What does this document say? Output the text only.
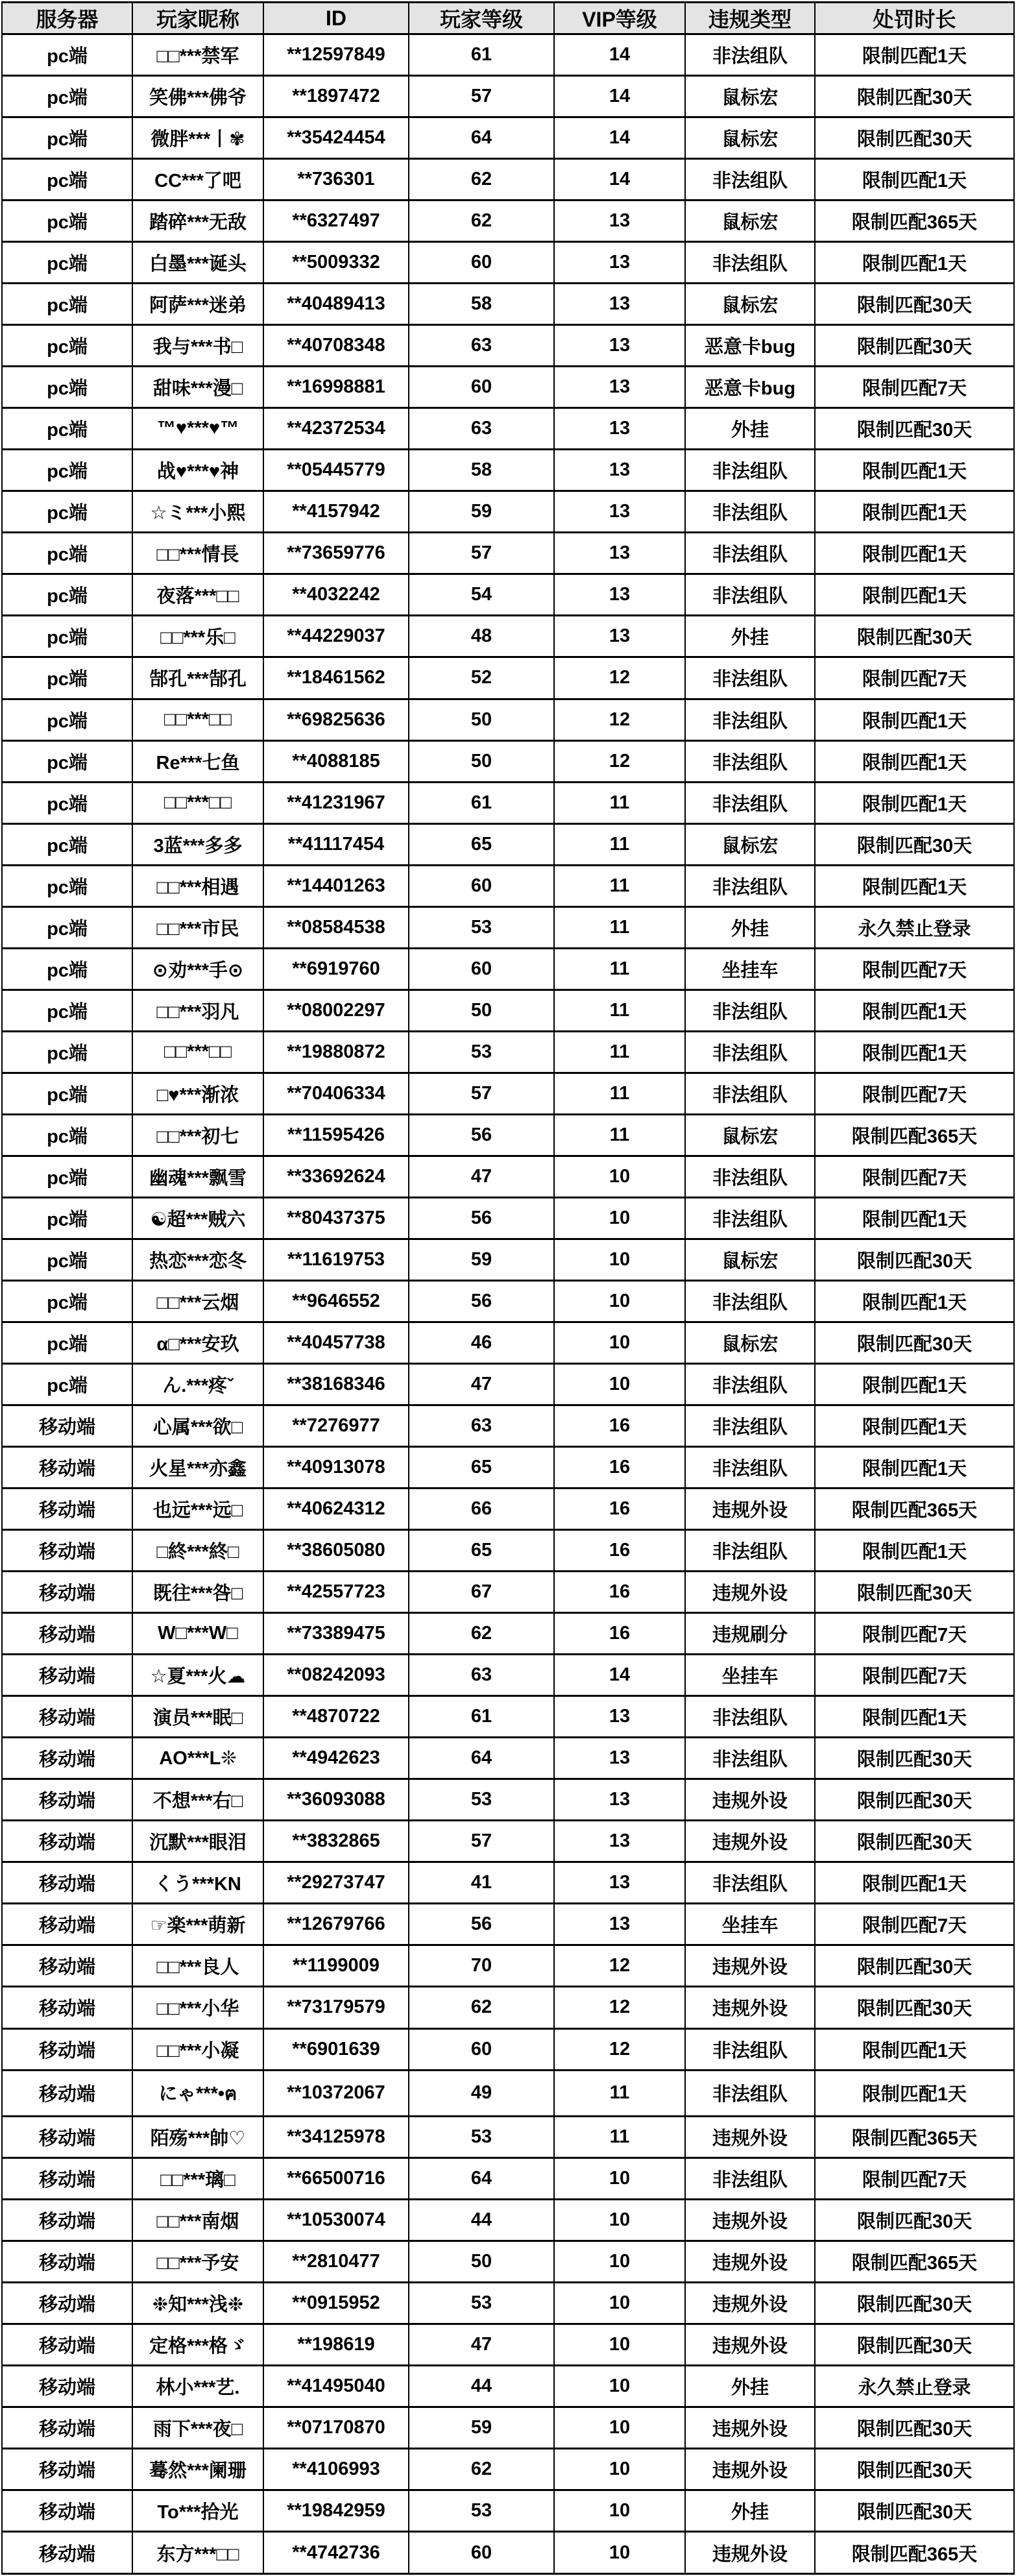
服务器	玩家昵称	ID	玩家等级	VIP等级	违规类型	处罚时长
pc端	□□***禁军	**12597849	61	14	非法组队	限制匹配1天
pc端	笑佛***佛爷	**1897472	57	14	鼠标宏	限制匹配30天
pc端	微胖***丨✾	**35424454	64	14	鼠标宏	限制匹配30天
pc端	CC***了吧	**736301	62	14	非法组队	限制匹配1天
pc端	踏碎***无敌	**6327497	62	13	鼠标宏	限制匹配365天
pc端	白墨***诞头	**5009332	60	13	非法组队	限制匹配1天
pc端	阿萨***迷弟	**40489413	58	13	鼠标宏	限制匹配30天
pc端	我与***书□	**40708348	63	13	恶意卡bug	限制匹配30天
pc端	甜味***漫□	**16998881	60	13	恶意卡bug	限制匹配7天
pc端	™♥***♥™	**42372534	63	13	外挂	限制匹配30天
pc端	战♥***♥神	**05445779	58	13	非法组队	限制匹配1天
pc端	☆ミ***小熙	**4157942	59	13	非法组队	限制匹配1天
pc端	□□***情長	**73659776	57	13	非法组队	限制匹配1天
pc端	夜落***□□	**4032242	54	13	非法组队	限制匹配1天
pc端	□□***乐□	**44229037	48	13	外挂	限制匹配30天
pc端	郜孔***郜孔	**18461562	52	12	非法组队	限制匹配7天
pc端	□□***□□	**69825636	50	12	非法组队	限制匹配1天
pc端	Re***七鱼	**4088185	50	12	非法组队	限制匹配1天
pc端	□□***□□	**41231967	61	11	非法组队	限制匹配1天
pc端	3蓝***多多	**41117454	65	11	鼠标宏	限制匹配30天
pc端	□□***相遇	**14401263	60	11	非法组队	限制匹配1天
pc端	□□***市民	**08584538	53	11	外挂	永久禁止登录
pc端	⊙劝***手⊙	**6919760	60	11	坐挂车	限制匹配7天
pc端	□□***羽凡	**08002297	50	11	非法组队	限制匹配1天
pc端	□□***□□	**19880872	53	11	非法组队	限制匹配1天
pc端	□♥***渐浓	**70406334	57	11	非法组队	限制匹配7天
pc端	□□***初七	**11595426	56	11	鼠标宏	限制匹配365天
pc端	幽魂***飘雪	**33692624	47	10	非法组队	限制匹配7天
pc端	☯超***贼六	**80437375	56	10	非法组队	限制匹配1天
pc端	热恋***恋冬	**11619753	59	10	鼠标宏	限制匹配30天
pc端	□□***云烟	**9646552	56	10	非法组队	限制匹配1天
pc端	α□***安玖	**40457738	46	10	鼠标宏	限制匹配30天
pc端	ん.***疼ˇ	**38168346	47	10	非法组队	限制匹配1天
移动端	心属***欲□	**7276977	63	16	非法组队	限制匹配1天
移动端	火星***亦鑫	**40913078	65	16	非法组队	限制匹配1天
移动端	也远***远□	**40624312	66	16	违规外设	限制匹配365天
移动端	□終***終□	**38605080	65	16	非法组队	限制匹配1天
移动端	既往***咎□	**42557723	67	16	违规外设	限制匹配30天
移动端	W□***W□	**73389475	62	16	违规刷分	限制匹配7天
移动端	☆夏***火☁	**08242093	63	14	坐挂车	限制匹配7天
移动端	演员***眠□	**4870722	61	13	非法组队	限制匹配1天
移动端	AO***L❊	**4942623	64	13	非法组队	限制匹配30天
移动端	不想***右□	**36093088	53	13	违规外设	限制匹配30天
移动端	沉默***眼泪	**3832865	57	13	违规外设	限制匹配30天
移动端	くう***KN	**29273747	41	13	非法组队	限制匹配1天
移动端	☞楽***萌新	**12679766	56	13	坐挂车	限制匹配7天
移动端	□□***良人	**1199009	70	12	违规外设	限制匹配30天
移动端	□□***小华	**73179579	62	12	违规外设	限制匹配30天
移动端	□□***小凝	**6901639	60	12	非法组队	限制匹配1天
移动端	にゃ***•ฅ	**10372067	49	11	非法组队	限制匹配1天
移动端	陌殇***帥♡	**34125978	53	11	违规外设	限制匹配365天
移动端	□□***璃□	**66500716	64	10	非法组队	限制匹配7天
移动端	□□***南烟	**10530074	44	10	违规外设	限制匹配30天
移动端	□□***予安	**2810477	50	10	违规外设	限制匹配365天
移动端	❉知***浅❉	**0915952	53	10	违规外设	限制匹配30天
移动端	定格***格ゞ	**198619	47	10	违规外设	限制匹配30天
移动端	林小***艺.	**41495040	44	10	外挂	永久禁止登录
移动端	雨下***夜□	**07170870	59	10	违规外设	限制匹配30天
移动端	蓦然***阑珊	**4106993	62	10	违规外设	限制匹配30天
移动端	To***拾光	**19842959	53	10	外挂	限制匹配30天
移动端	东方***□□	**4742736	60	10	违规外设	限制匹配365天
